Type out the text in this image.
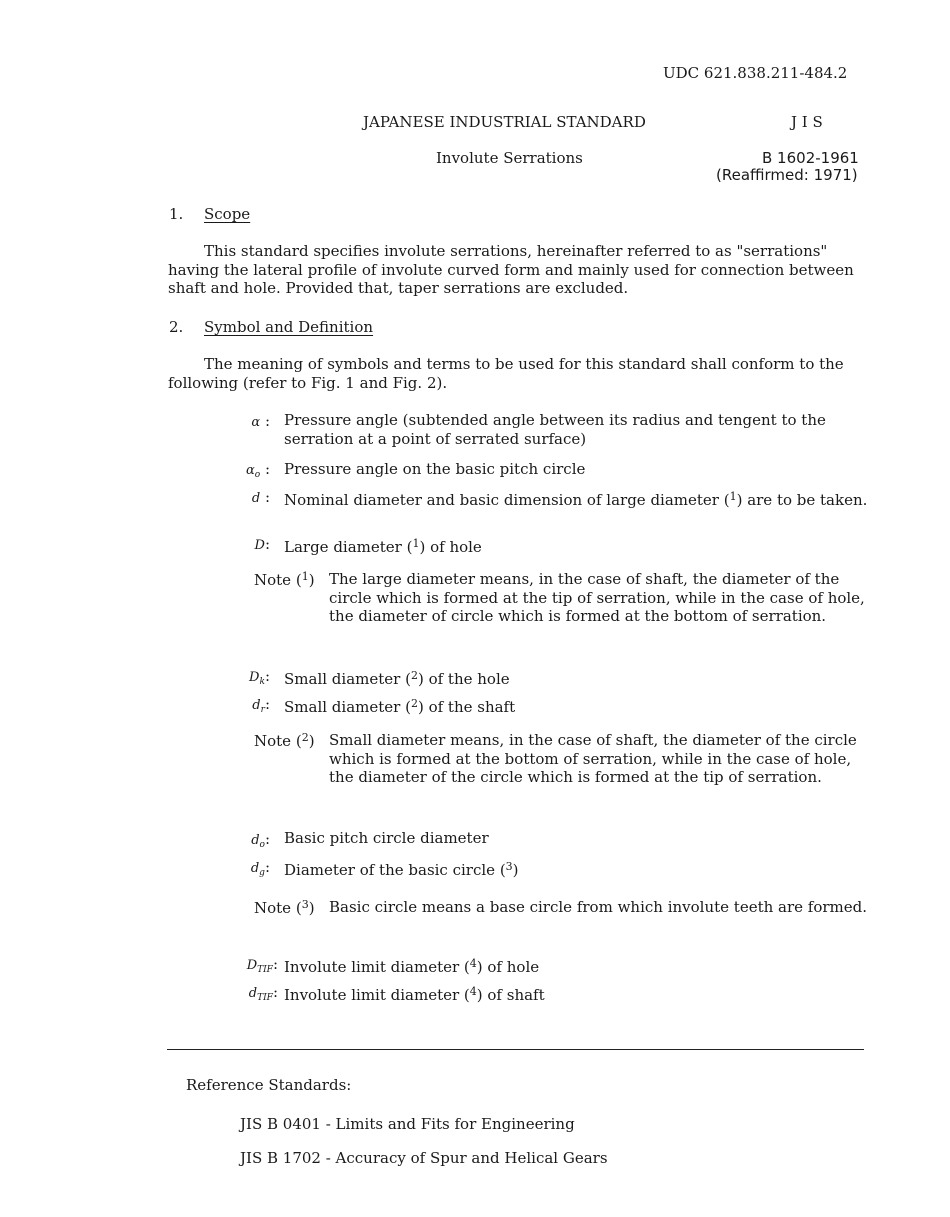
UDC 621.838.211-484.2
JAPANESE INDUSTRIAL STANDARD	J I S
Involute Serrations	B 1602-1961
(Reaffirmed: 1971)
1. Scope
This standard specifies involute serrations, hereinafter referred to as "serrations" having the lateral profile of involute curved form and mainly used for connection between shaft and hole. Provided that, taper serrations are excluded.
2. Symbol and Definition
The meaning of symbols and terms to be used for this standard shall conform to the following (refer to Fig. 1 and Fig. 2).
α : Pressure angle (subtended angle between its radius and tengent to the serration at a point of serrated surface)
$\alpha_o$ : Pressure angle on the basic pitch circle
d : Nominal diameter and basic dimension of large diameter ($^1$) are to be taken.
D: Large diameter ($^1$) of hole
Note ($^1$) The large diameter means, in the case of shaft, the diameter of the circle which is formed at the tip of serration, while in the case of hole, the diameter of circle which is formed at the bottom of serration.
$D_k$: Small diameter ($^2$) of the hole
$d_r$: Small diameter ($^2$) of the shaft
Note ($^2$) Small diameter means, in the case of shaft, the diameter of the circle which is formed at the bottom of serration, while in the case of hole, the diameter of the circle which is formed at the tip of serration.
$d_o$: Basic pitch circle diameter
$d_g$: Diameter of the basic circle ($^3$)
Note ($^3$) Basic circle means a base circle from which involute teeth are formed.
$D_{TIF}$: Involute limit diameter ($^4$) of hole
$d_{TIF}$: Involute limit diameter ($^4$) of shaft
Reference Standards:
JIS B 0401 - Limits and Fits for Engineering
JIS B 1702 - Accuracy of Spur and Helical Gears
